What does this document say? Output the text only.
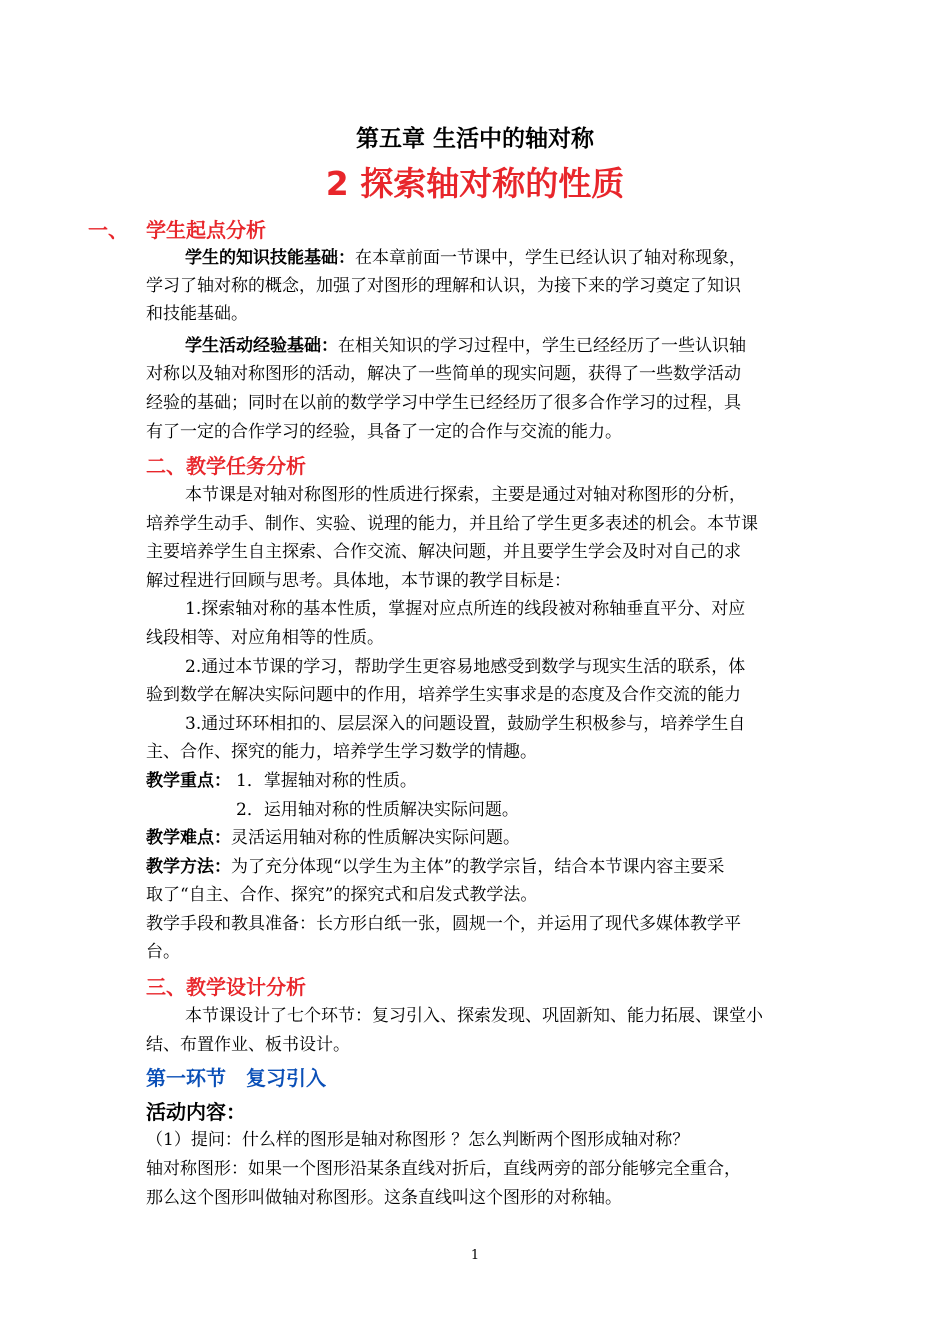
第五章 生活中的轴对称
2 探索轴对称的性质
一、 学生起点分析
学生的知识技能基础：在本章前面一节课中，学生已经认识了轴对称现象，
学习了轴对称的概念，加强了对图形的理解和认识，为接下来的学习奠定了知识
和技能基础。
学生活动经验基础：在相关知识的学习过程中，学生已经经历了一些认识轴
对称以及轴对称图形的活动，解决了一些简单的现实问题，获得了一些数学活动
经验的基础；同时在以前的数学学习中学生已经经历了很多合作学习的过程，具
有了一定的合作学习的经验，具备了一定的合作与交流的能力。
二、教学任务分析
本节课是对轴对称图形的性质进行探索，主要是通过对轴对称图形的分析，
培养学生动手、制作、实验、说理的能力，并且给了学生更多表述的机会。本节课
主要培养学生自主探索、合作交流、解决问题，并且要学生学会及时对自己的求
解过程进行回顾与思考。具体地，本节课的教学目标是：
1.探索轴对称的基本性质，掌握对应点所连的线段被对称轴垂直平分、对应
线段相等、对应角相等的性质。
2.通过本节课的学习，帮助学生更容易地感受到数学与现实生活的联系，体
验到数学在解决实际问题中的作用，培养学生实事求是的态度及合作交流的能力
3.通过环环相扣的、层层深入的问题设置，鼓励学生积极参与，培养学生自
主、合作、探究的能力，培养学生学习数学的情趣。
教学重点： 1．掌握轴对称的性质。
2．运用轴对称的性质解决实际问题。
教学难点：灵活运用轴对称的性质解决实际问题。
教学方法：为了充分体现“以学生为主体”的教学宗旨，结合本节课内容主要采
取了“自主、合作、探究”的探究式和启发式教学法。
教学手段和教具准备：长方形白纸一张，圆规一个，并运用了现代多媒体教学平
台。
三、教学设计分析
本节课设计了七个环节：复习引入、探索发现、巩固新知、能力拓展、课堂小
结、布置作业、板书设计。
第一环节　复习引入
活动内容：
（1）提问：什么样的图形是轴对称图形 ？怎么判断两个图形成轴对称？
轴对称图形：如果一个图形沿某条直线对折后，直线两旁的部分能够完全重合，
那么这个图形叫做轴对称图形。这条直线叫这个图形的对称轴。
1
